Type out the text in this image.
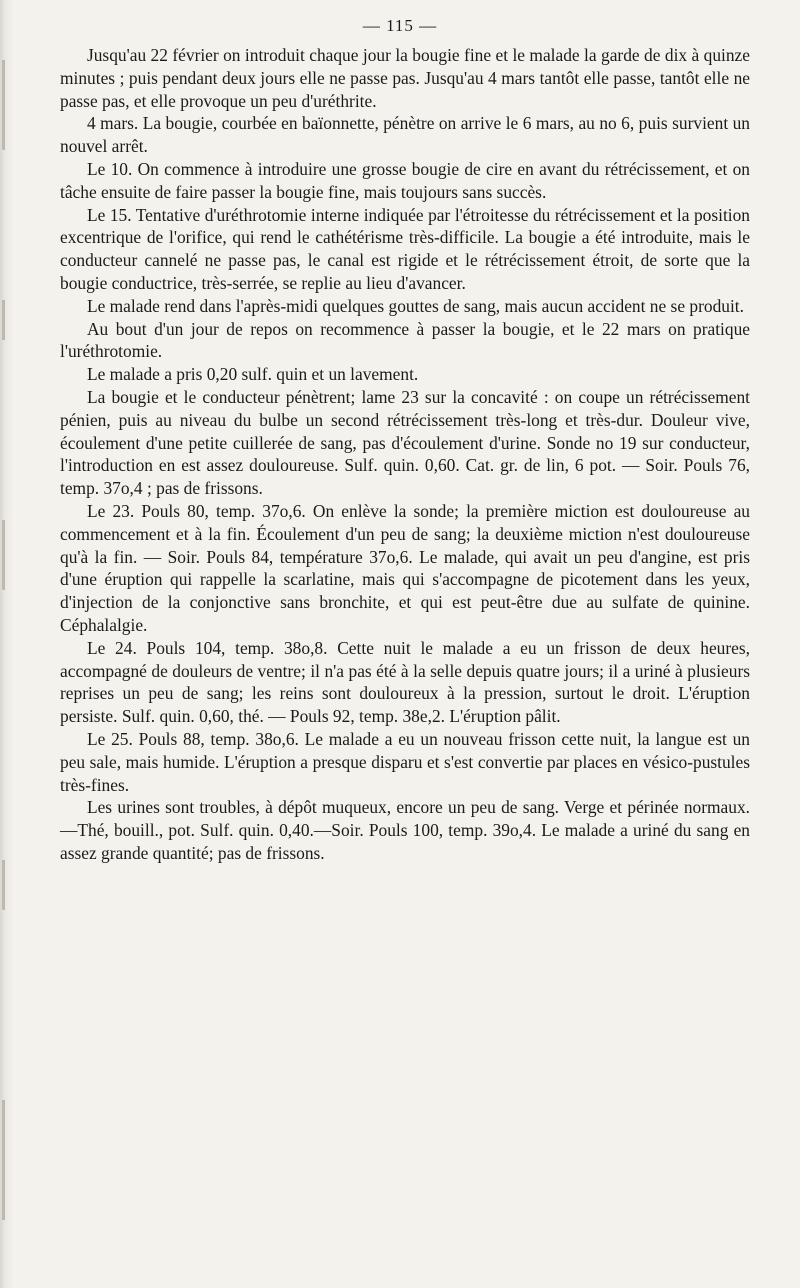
— 115 —

Jusqu'au 22 février on introduit chaque jour la bougie fine et le malade la garde de dix à quinze minutes ; puis pendant deux jours elle ne passe pas. Jusqu'au 4 mars tantôt elle passe, tantôt elle ne passe pas, et elle provoque un peu d'uréthrite.

4 mars. La bougie, courbée en baïonnette, pénètre on arrive le 6 mars, au no 6, puis survient un nouvel arrêt.

Le 10. On commence à introduire une grosse bougie de cire en avant du rétrécissement, et on tâche ensuite de faire passer la bougie fine, mais toujours sans succès.

Le 15. Tentative d'uréthrotomie interne indiquée par l'étroitesse du rétrécissement et la position excentrique de l'orifice, qui rend le cathétérisme très-difficile. La bougie a été introduite, mais le conducteur cannelé ne passe pas, le canal est rigide et le rétrécissement étroit, de sorte que la bougie conductrice, très-serrée, se replie au lieu d'avancer.

Le malade rend dans l'après-midi quelques gouttes de sang, mais aucun accident ne se produit.

Au bout d'un jour de repos on recommence à passer la bougie, et le 22 mars on pratique l'uréthrotomie.

Le malade a pris 0,20 sulf. quin et un lavement.

La bougie et le conducteur pénètrent; lame 23 sur la concavité : on coupe un rétrécissement pénien, puis au niveau du bulbe un second rétrécissement très-long et très-dur. Douleur vive, écoulement d'une petite cuillerée de sang, pas d'écoulement d'urine. Sonde no 19 sur conducteur, l'introduction en est assez douloureuse. Sulf. quin. 0,60. Cat. gr. de lin, 6 pot. — Soir. Pouls 76, temp. 37o,4 ; pas de frissons.

Le 23. Pouls 80, temp. 37o,6. On enlève la sonde; la première miction est douloureuse au commencement et à la fin. Écoulement d'un peu de sang; la deuxième miction n'est douloureuse qu'à la fin. — Soir. Pouls 84, température 37o,6. Le malade, qui avait un peu d'angine, est pris d'une éruption qui rappelle la scarlatine, mais qui s'accompagne de picotement dans les yeux, d'injection de la conjonctive sans bronchite, et qui est peut-être due au sulfate de quinine. Céphalalgie.

Le 24. Pouls 104, temp. 38o,8. Cette nuit le malade a eu un frisson de deux heures, accompagné de douleurs de ventre; il n'a pas été à la selle depuis quatre jours; il a uriné à plusieurs reprises un peu de sang; les reins sont douloureux à la pression, surtout le droit. L'éruption persiste. Sulf. quin. 0,60, thé. — Pouls 92, temp. 38e,2. L'éruption pâlit.

Le 25. Pouls 88, temp. 38o,6. Le malade a eu un nouveau frisson cette nuit, la langue est un peu sale, mais humide. L'éruption a presque disparu et s'est convertie par places en vésico-pustules très-fines.

Les urines sont troubles, à dépôt muqueux, encore un peu de sang. Verge et périnée normaux.—Thé, bouill., pot. Sulf. quin. 0,40.—Soir. Pouls 100, temp. 39o,4. Le malade a uriné du sang en assez grande quantité; pas de frissons.
